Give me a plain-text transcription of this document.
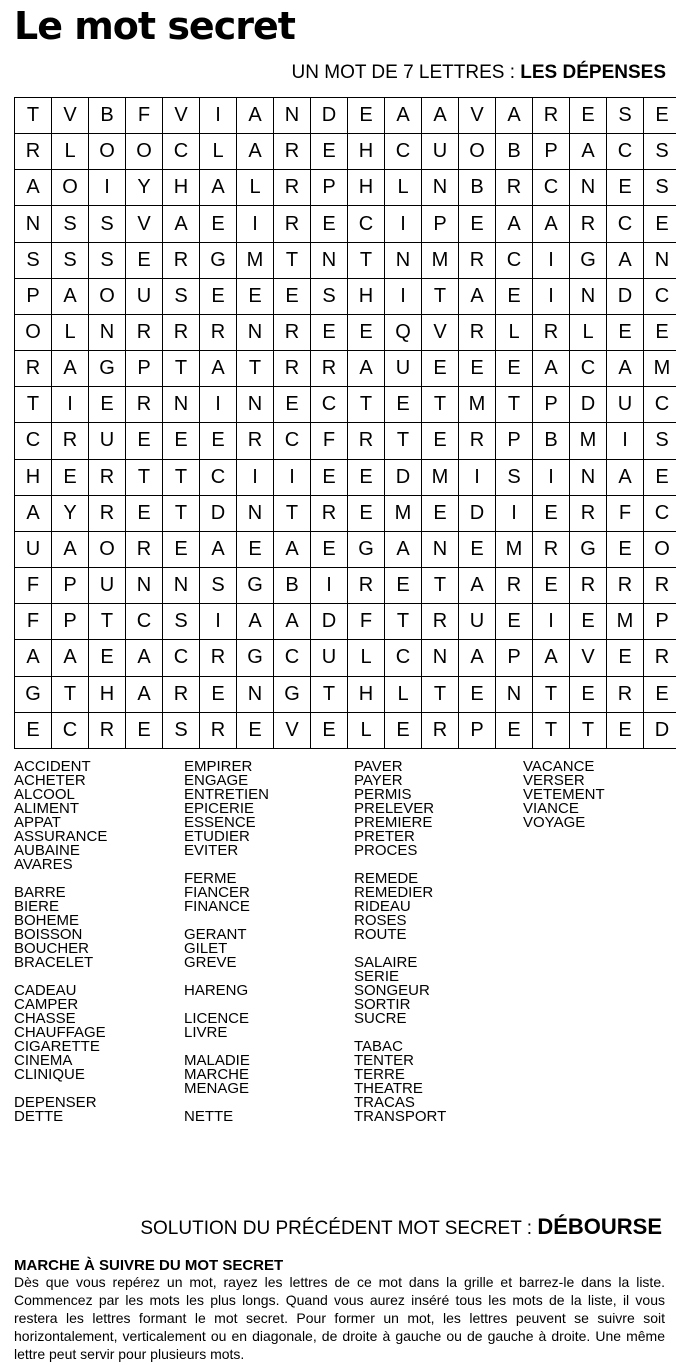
Le mot secret
UN MOT DE 7 LETTRES : LES DÉPENSES
T	V	B	F	V	I	A	N	D	E	A	A	V	A	R	E	S	E
R	L	O	O	C	L	A	R	E	H	C	U	O	B	P	A	C	S
A	O	I	Y	H	A	L	R	P	H	L	N	B	R	C	N	E	S
N	S	S	V	A	E	I	R	E	C	I	P	E	A	A	R	C	E
S	S	S	E	R	G	M	T	N	T	N	M	R	C	I	G	A	N
P	A	O	U	S	E	E	E	S	H	I	T	A	E	I	N	D	C
O	L	N	R	R	R	N	R	E	E	Q	V	R	L	R	L	E	E
R	A	G	P	T	A	T	R	R	A	U	E	E	E	A	C	A	M
T	I	E	R	N	I	N	E	C	T	E	T	M	T	P	D	U	C
C	R	U	E	E	E	R	C	F	R	T	E	R	P	B	M	I	S
H	E	R	T	T	C	I	I	E	E	D	M	I	S	I	N	A	E
A	Y	R	E	T	D	N	T	R	E	M	E	D	I	E	R	F	C
U	A	O	R	E	A	E	A	E	G	A	N	E	M	R	G	E	O
F	P	U	N	N	S	G	B	I	R	E	T	A	R	E	R	R	R
F	P	T	C	S	I	A	A	D	F	T	R	U	E	I	E	M	P
A	A	E	A	C	R	G	C	U	L	C	N	A	P	A	V	E	R
G	T	H	A	R	E	N	G	T	H	L	T	E	N	T	E	R	E
E	C	R	E	S	R	E	V	E	L	E	R	P	E	T	T	E	D
ACCIDENT
ACHETER
ALCOOL
ALIMENT
APPAT
ASSURANCE
AUBAINE
AVARES
BARRE
BIERE
BOHEME
BOISSON
BOUCHER
BRACELET
CADEAU
CAMPER
CHASSE
CHAUFFAGE
CIGARETTE
CINEMA
CLINIQUE
DEPENSER
DETTE
EMPIRER
ENGAGE
ENTRETIEN
EPICERIE
ESSENCE
ETUDIER
EVITER
FERME
FIANCER
FINANCE
GERANT
GILET
GREVE
HARENG
LICENCE
LIVRE
MALADIE
MARCHE
MENAGE
NETTE
PAVER
PAYER
PERMIS
PRELEVER
PREMIERE
PRETER
PROCES
REMEDE
REMEDIER
RIDEAU
ROSES
ROUTE
SALAIRE
SERIE
SONGEUR
SORTIR
SUCRE
TABAC
TENTER
TERRE
THEATRE
TRACAS
TRANSPORT
VACANCE
VERSER
VETEMENT
VIANCE
VOYAGE
SOLUTION DU PRÉCÉDENT MOT SECRET : DÉBOURSE
MARCHE À SUIVRE DU MOT SECRET
Dès que vous repérez un mot, rayez les lettres de ce mot dans la grille et barrez-le dans la liste. Commencez par les mots les plus longs. Quand vous aurez inséré tous les mots de la liste, il vous restera les lettres formant le mot secret. Pour former un mot, les lettres peuvent se suivre soit horizontalement, verticalement ou en diagonale, de droite à gauche ou de gauche à droite. Une même lettre peut servir pour plusieurs mots.
